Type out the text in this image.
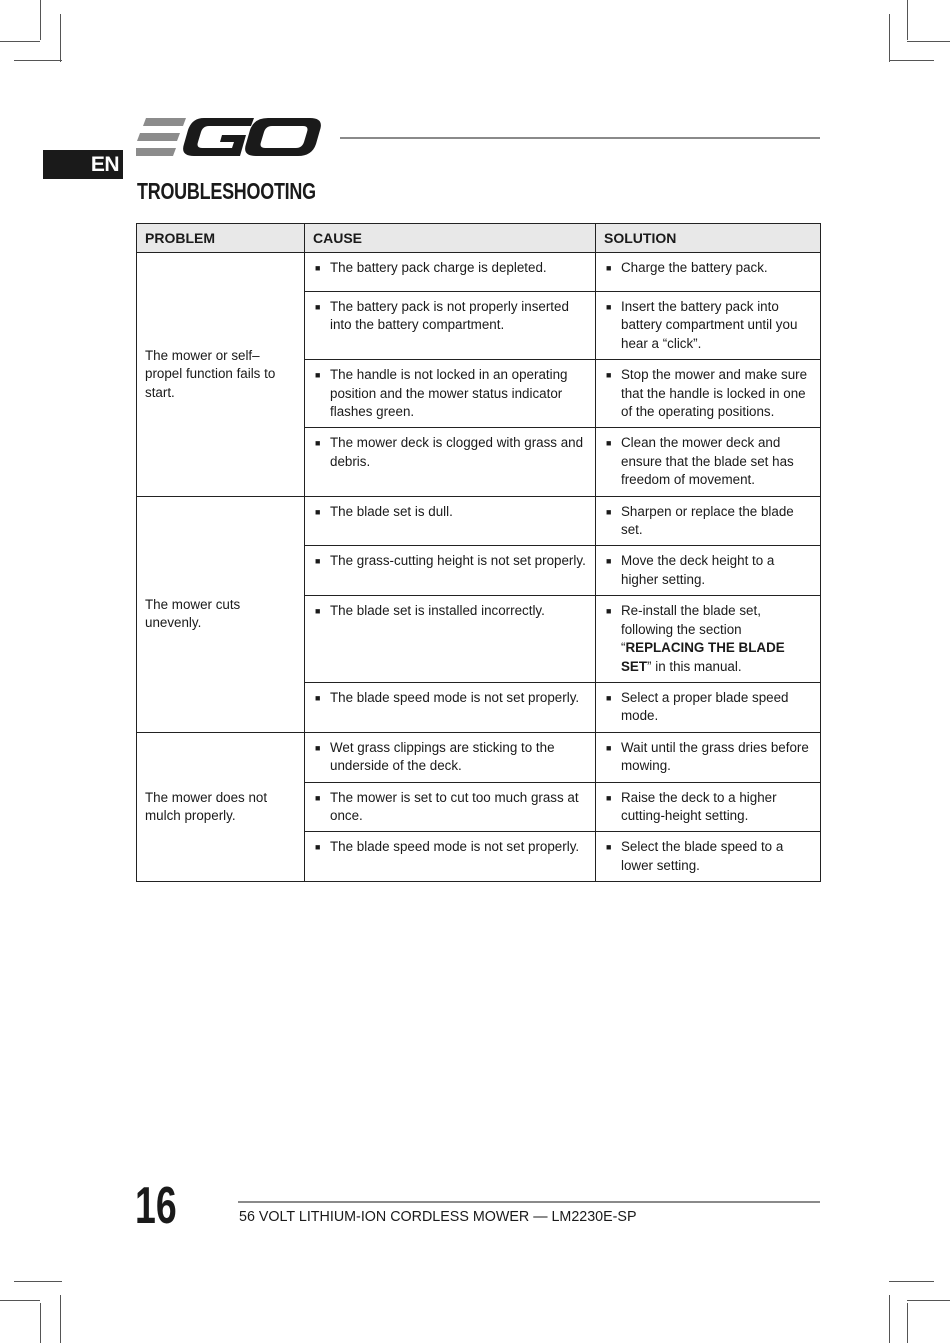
EN
TROUBLESHOOTING
PROBLEM	CAUSE	SOLUTION
The mower or self–propel function fails to start.	■ The battery pack charge is depleted.	■ Charge the battery pack.

	■ The battery pack is not properly inserted into the battery compartment.	■ Insert the battery pack into battery compartment until you hear a “click”.

	■ The handle is not locked in an operating position and the mower status indicator flashes green.	■ Stop the mower and make sure that the handle is locked in one of the operating positions.

	■ The mower deck is clogged with grass and debris.	■ Clean the mower deck and ensure that the blade set has freedom of movement.

The mower cuts unevenly.	■ The blade set is dull.	■ Sharpen or replace the blade set.

	■ The grass-cutting height is not set properly.	■ Move the deck height to a higher setting.

	■ The blade set is installed incorrectly.	■ Re-install the blade set, following the section “REPLACING THE BLADE SET” in this manual.

	■ The blade speed mode is not set properly.	■ Select a proper blade speed mode.

The mower does not mulch properly.	■ Wet grass clippings are sticking to the underside of the deck.	■ Wait until the grass dries before mowing.

	■ The mower is set to cut too much grass at once.	■ Raise the deck to a higher cutting-height setting.

	■ The blade speed mode is not set properly.	■ Select the blade speed to a lower setting.
16	56 VOLT LITHIUM-ION CORDLESS MOWER — LM2230E-SP
